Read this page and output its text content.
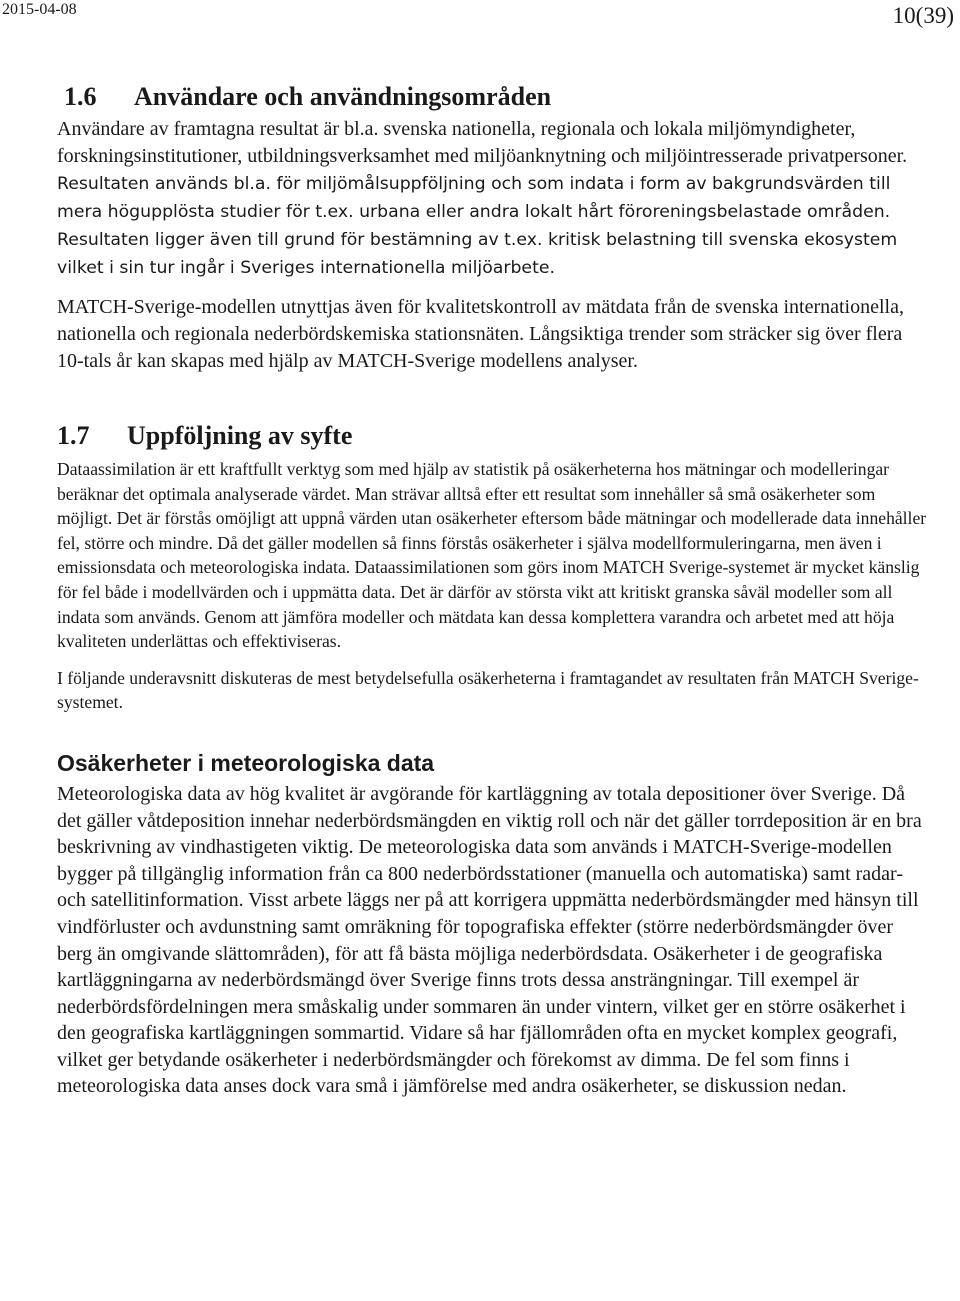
2015-04-08	10(39)
1.6 Användare och användningsområden

Användare av framtagna resultat är bl.a. svenska nationella, regionala och lokala miljömyndigheter, forskningsinstitutioner, utbildningsverksamhet med miljöanknytning och miljöintresserade privatpersoner. Resultaten används bl.a. för miljömålsuppföljning och som indata i form av bakgrundsvärden till mera högupplösta studier för t.ex. urbana eller andra lokalt hårt föroreningsbelastade områden. Resultaten ligger även till grund för bestämning av t.ex. kritisk belastning till svenska ekosystem vilket i sin tur ingår i Sveriges internationella miljöarbete.

MATCH-Sverige-modellen utnyttjas även för kvalitetskontroll av mätdata från de svenska internationella, nationella och regionala nederbördskemiska stationsnäten. Långsiktiga trender som sträcker sig över flera 10-tals år kan skapas med hjälp av MATCH-Sverige modellens analyser.

1.7 Uppföljning av syfte

Dataassimilation är ett kraftfullt verktyg som med hjälp av statistik på osäkerheterna hos mätningar och modelleringar beräknar det optimala analyserade värdet. Man strävar alltså efter ett resultat som innehåller så små osäkerheter som möjligt. Det är förstås omöjligt att uppnå värden utan osäkerheter eftersom både mätningar och modellerade data innehåller fel, större och mindre. Då det gäller modellen så finns förstås osäkerheter i själva modellformuleringarna, men även i emissionsdata och meteorologiska indata. Dataassimilationen som görs inom MATCH Sverige-systemet är mycket känslig för fel både i modellvärden och i uppmätta data. Det är därför av största vikt att kritiskt granska såväl modeller som all indata som används. Genom att jämföra modeller och mätdata kan dessa komplettera varandra och arbetet med att höja kvaliteten underlättas och effektiviseras.

I följande underavsnitt diskuteras de mest betydelsefulla osäkerheterna i framtagandet av resultaten från MATCH Sverige-systemet.

Osäkerheter i meteorologiska data

Meteorologiska data av hög kvalitet är avgörande för kartläggning av totala depositioner över Sverige. Då det gäller våtdeposition innehar nederbördsmängden en viktig roll och när det gäller torrdeposition är en bra beskrivning av vindhastigeten viktig. De meteorologiska data som används i MATCH-Sverige-modellen bygger på tillgänglig information från ca 800 nederbördsstationer (manuella och automatiska) samt radar- och satellitinformation. Visst arbete läggs ner på att korrigera uppmätta nederbördsmängder med hänsyn till vindförluster och avdunstning samt omräkning för topografiska effekter (större nederbördsmängder över berg än omgivande slättområden), för att få bästa möjliga nederbördsdata. Osäkerheter i de geografiska kartläggningarna av nederbördsmängd över Sverige finns trots dessa ansträngningar. Till exempel är nederbördsfördelningen mera småskalig under sommaren än under vintern, vilket ger en större osäkerhet i den geografiska kartläggningen sommartid. Vidare så har fjällområden ofta en mycket komplex geografi, vilket ger betydande osäkerheter i nederbördsmängder och förekomst av dimma. De fel som finns i meteorologiska data anses dock vara små i jämförelse med andra osäkerheter, se diskussion nedan.
